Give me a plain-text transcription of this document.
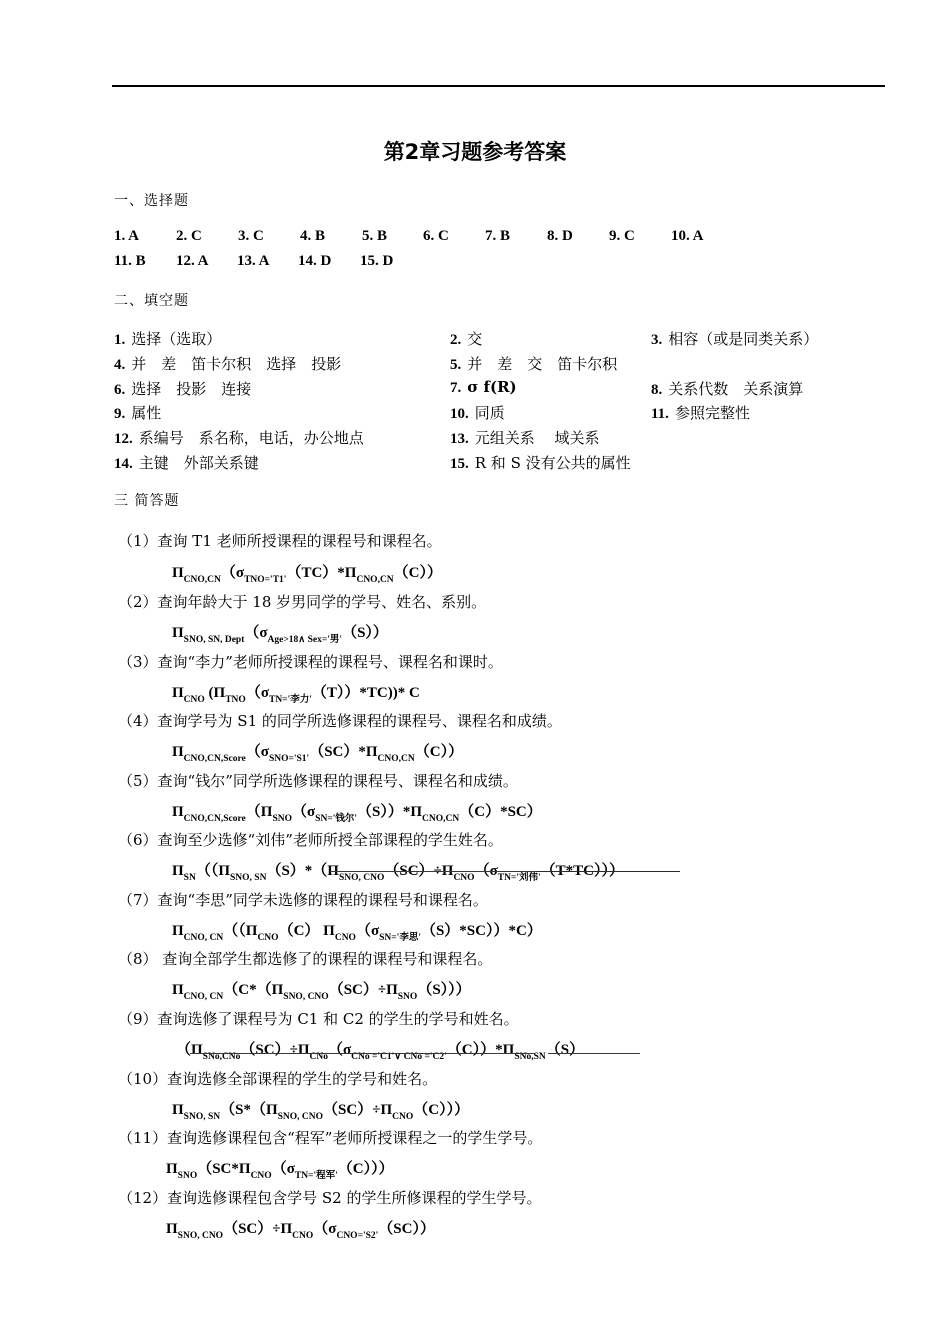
第2章习题参考答案
一、选择题
1. A 2. C 3. C 4. B 5. B 6. C 7. B 8. D 9. C 10. A
11. B 12. A 13. A 14. D 15. D
二、填空题
1. 选择（选取）	2. 交	3. 相容（或是同类关系）
4. 并　差　笛卡尔积　选择　投影	5. 并　差　交　笛卡尔积
6. 选择　投影　连接	7. σ f(R)	8. 关系代数　关系演算
9. 属性	10. 同质	11. 参照完整性
12. 系编号　系名称，电话，办公地点	13. 元组关系　 域关系
14. 主键　外部关系键	15. R 和 S 没有公共的属性
三 简答题
（1）查询 T1 老师所授课程的课程号和课程名。
$\Pi_{CNO,CN}(\sigma_{TNO='T1'}(TC)*\Pi_{CNO,CN}(C))$
（2）查询年龄大于 18 岁男同学的学号、姓名、系别。
$\Pi_{SNO, SN, Dept}(\sigma_{Age>18\wedge Sex='男'}(S))$
（3）查询“李力”老师所授课程的课程号、课程名和课时。
$\Pi_{CNO}$ $(\Pi_{TNO}(\sigma_{TN='李力'}(T))*TC))*$ C
（4）查询学号为 S1 的同学所选修课程的课程号、课程名和成绩。
$\Pi_{CNO,CN,Score}(\sigma_{SNO='S1'}(SC)*\Pi_{CNO,CN}(C))$
（5）查询“钱尔”同学所选修课程的课程号、课程名和成绩。
$\Pi_{CNO,CN,Score}(\Pi_{SNO}(\sigma_{SN='钱尔'}(S))*\Pi_{CNO,CN}(C)*SC)$
（6）查询至少选修“刘伟”老师所授全部课程的学生姓名。
$\Pi_{SN}((\Pi_{SNO, SN}(S)*(\Pi_{SNO, CNO}(SC)\div\Pi_{CNO}(\sigma_{TN='刘伟'}(T*TC)))$
（7）查询“李思”同学未选修的课程的课程号和课程名。
$\Pi_{CNO, CN}((\Pi_{CNO}(C)$ $\Pi_{CNO}(\sigma_{SN='李思'}(S)*SC))*C$）
（8） 查询全部学生都选修了的课程的课程号和课程名。
$\Pi_{CNO, CN}(C*(\Pi_{SNO, CNO}(SC)\div\Pi_{SNO}(S)))$
（9）查询选修了课程号为 C1 和 C2 的学生的学号和姓名。
（$\Pi_{SNo,CNo}(SC)\div\Pi_{CNo}(\sigma_{CNo ='C1'\vee CNo ='C2'}(C))*\Pi_{SNo,SN}(S)$
（10）查询选修全部课程的学生的学号和姓名。
$\Pi_{SNO, SN}(S*(\Pi_{SNO, CNO}(SC)\div\Pi_{CNO}(C)))$
（11）查询选修课程包含“程军”老师所授课程之一的学生学号。
$\Pi_{SNO}(SC*\Pi_{CNO}(\sigma_{TN='程军'}(C)))$
（12）查询选修课程包含学号 S2 的学生所修课程的学生学号。
$\Pi_{SNO, CNO}(SC)\div\Pi_{CNO}(\sigma_{CNO='S2'}(SC))$
